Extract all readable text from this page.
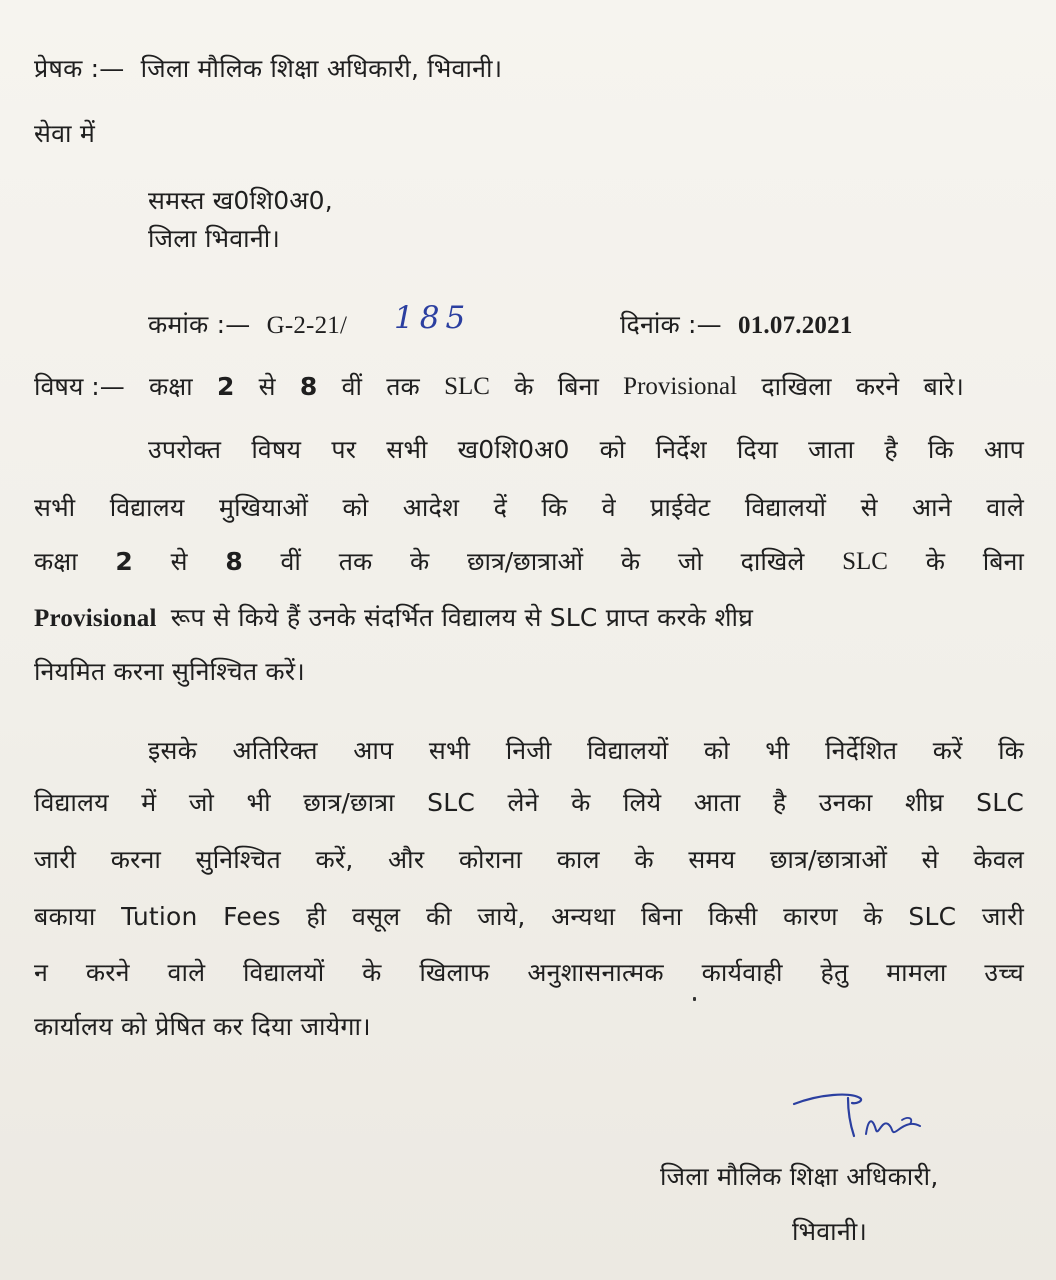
प्रेषक :— जिला मौलिक शिक्षा अधिकारी, भिवानी।
सेवा में
समस्त ख0शि0अ0,
जिला भिवानी।
कमांक :— G-2-21/ 185	दिनांक :— 01.07.2021
विषय :— कक्षा 2 से 8 वीं तक SLC के बिना Provisional दाखिला करने बारे।
उपरोक्त विषय पर सभी ख0शि0अ0 को निर्देश दिया जाता है कि आप
सभी विद्यालय मुखियाओं को आदेश दें कि वे प्राईवेट विद्यालयों से आने वाले
कक्षा 2 से 8 वीं तक के छात्र/छात्राओं के जो दाखिले SLC के बिना
Provisional रूप से किये हैं उनके संदर्भित विद्यालय से SLC प्राप्त करके शीघ्र
नियमित करना सुनिश्चित करें।
इसके अतिरिक्त आप सभी निजी विद्यालयों को भी निर्देशित करें कि
विद्यालय में जो भी छात्र/छात्रा SLC लेने के लिये आता है उनका शीघ्र SLC
जारी करना सुनिश्चित करें, और कोराना काल के समय छात्र/छात्राओं से केवल
बकाया Tution Fees ही वसूल की जाये, अन्यथा बिना किसी कारण के SLC जारी
न करने वाले विद्यालयों के खिलाफ अनुशासनात्मक कार्यवाही हेतु मामला उच्च
कार्यालय को प्रेषित कर दिया जायेगा।
जिला मौलिक शिक्षा अधिकारी,
भिवानी।
